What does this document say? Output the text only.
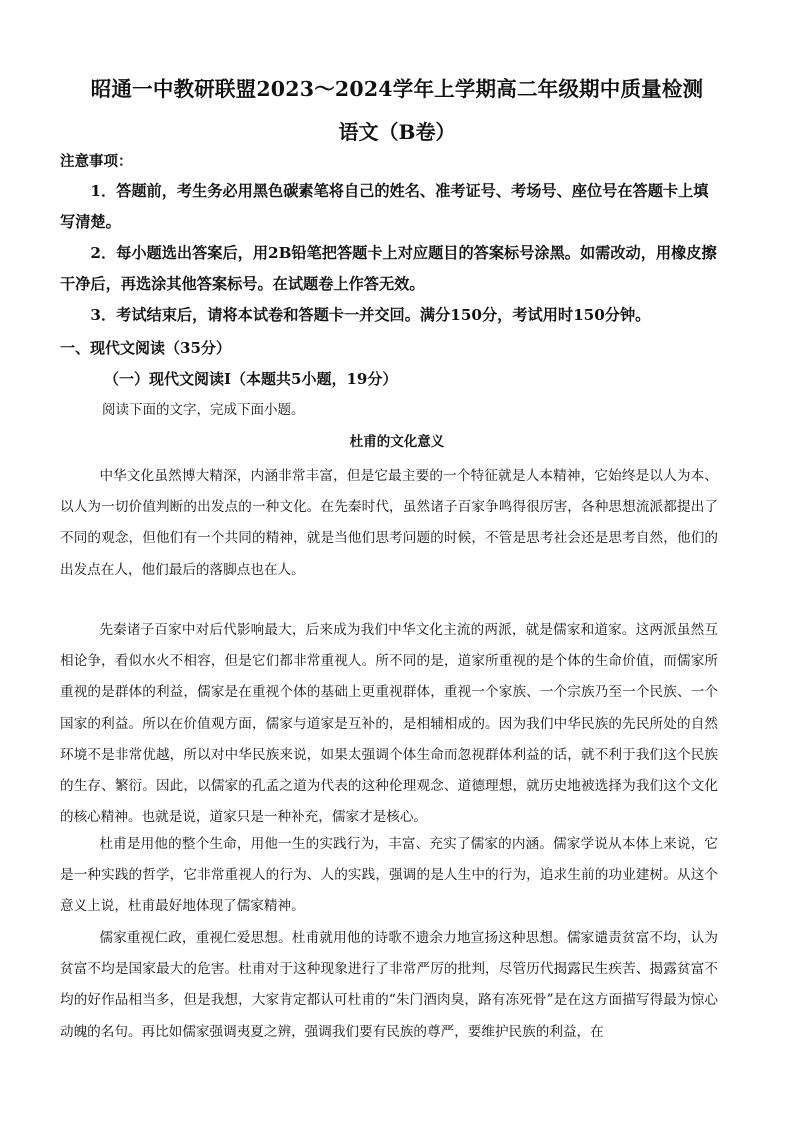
昭通一中教研联盟2023～2024学年上学期高二年级期中质量检测
语文（B卷）
注意事项：

1．答题前，考生务必用黑色碳素笔将自己的姓名、准考证号、考场号、座位号在答题卡上填写清楚。

2．每小题选出答案后，用2B铅笔把答题卡上对应题目的答案标号涂黑。如需改动，用橡皮擦干净后，再选涂其他答案标号。在试题卷上作答无效。

3．考试结束后，请将本试卷和答题卡一并交回。满分150分，考试用时150分钟。

一、现代文阅读（35分）
（一）现代文阅读Ⅰ（本题共5小题，19分）
阅读下面的文字，完成下面小题。
杜甫的文化意义

中华文化虽然博大精深，内涵非常丰富，但是它最主要的一个特征就是人本精神，它始终是以人为本、以人为一切价值判断的出发点的一种文化。在先秦时代，虽然诸子百家争鸣得很厉害，各种思想流派都提出了不同的观念，但他们有一个共同的精神，就是当他们思考问题的时候，不管是思考社会还是思考自然，他们的出发点在人，他们最后的落脚点也在人。

先秦诸子百家中对后代影响最大，后来成为我们中华文化主流的两派，就是儒家和道家。这两派虽然互相论争，看似水火不相容，但是它们都非常重视人。所不同的是，道家所重视的是个体的生命价值，而儒家所重视的是群体的利益，儒家是在重视个体的基础上更重视群体，重视一个家族、一个宗族乃至一个民族、一个国家的利益。所以在价值观方面，儒家与道家是互补的，是相辅相成的。因为我们中华民族的先民所处的自然环境不是非常优越，所以对中华民族来说，如果太强调个体生命而忽视群体利益的话，就不利于我们这个民族的生存、繁衍。因此，以儒家的孔孟之道为代表的这种伦理观念、道德理想，就历史地被选择为我们这个文化的核心精神。也就是说，道家只是一种补充，儒家才是核心。

杜甫是用他的整个生命，用他一生的实践行为，丰富、充实了儒家的内涵。儒家学说从本体上来说，它是一种实践的哲学，它非常重视人的行为、人的实践，强调的是人生中的行为，追求生前的功业建树。从这个意义上说，杜甫最好地体现了儒家精神。

儒家重视仁政，重视仁爱思想。杜甫就用他的诗歌不遗余力地宣扬这种思想。儒家谴责贫富不均，认为贫富不均是国家最大的危害。杜甫对于这种现象进行了非常严厉的批判，尽管历代揭露民生疾苦、揭露贫富不均的好作品相当多，但是我想，大家肯定都认可杜甫的“朱门酒肉臭，路有冻死骨”是在这方面描写得最为惊心动魄的名句。再比如儒家强调夷夏之辨，强调我们要有民族的尊严，要维护民族的利益，在
